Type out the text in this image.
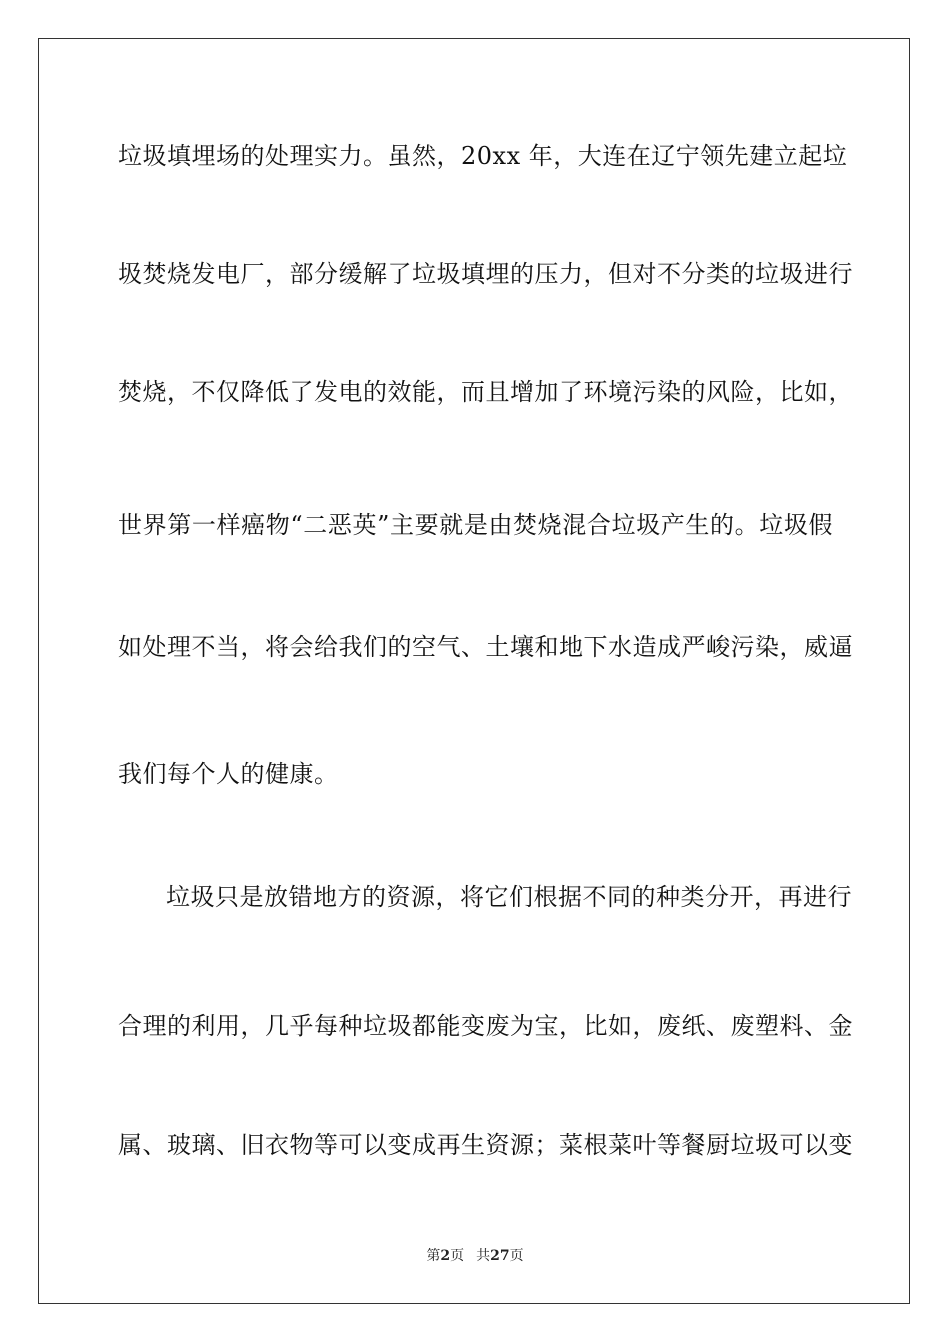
垃圾填埋场的处理实力。虽然，20xx 年，大连在辽宁领先建立起垃
圾焚烧发电厂，部分缓解了垃圾填埋的压力，但对不分类的垃圾进行
焚烧，不仅降低了发电的效能，而且增加了环境污染的风险，比如，
世界第一样癌物“二恶英”主要就是由焚烧混合垃圾产生的。垃圾假
如处理不当，将会给我们的空气、土壤和地下水造成严峻污染，威逼
我们每个人的健康。
垃圾只是放错地方的资源，将它们根据不同的种类分开，再进行
合理的利用，几乎每种垃圾都能变废为宝，比如，废纸、废塑料、金
属、玻璃、旧衣物等可以变成再生资源；菜根菜叶等餐厨垃圾可以变
第2页 共27页
